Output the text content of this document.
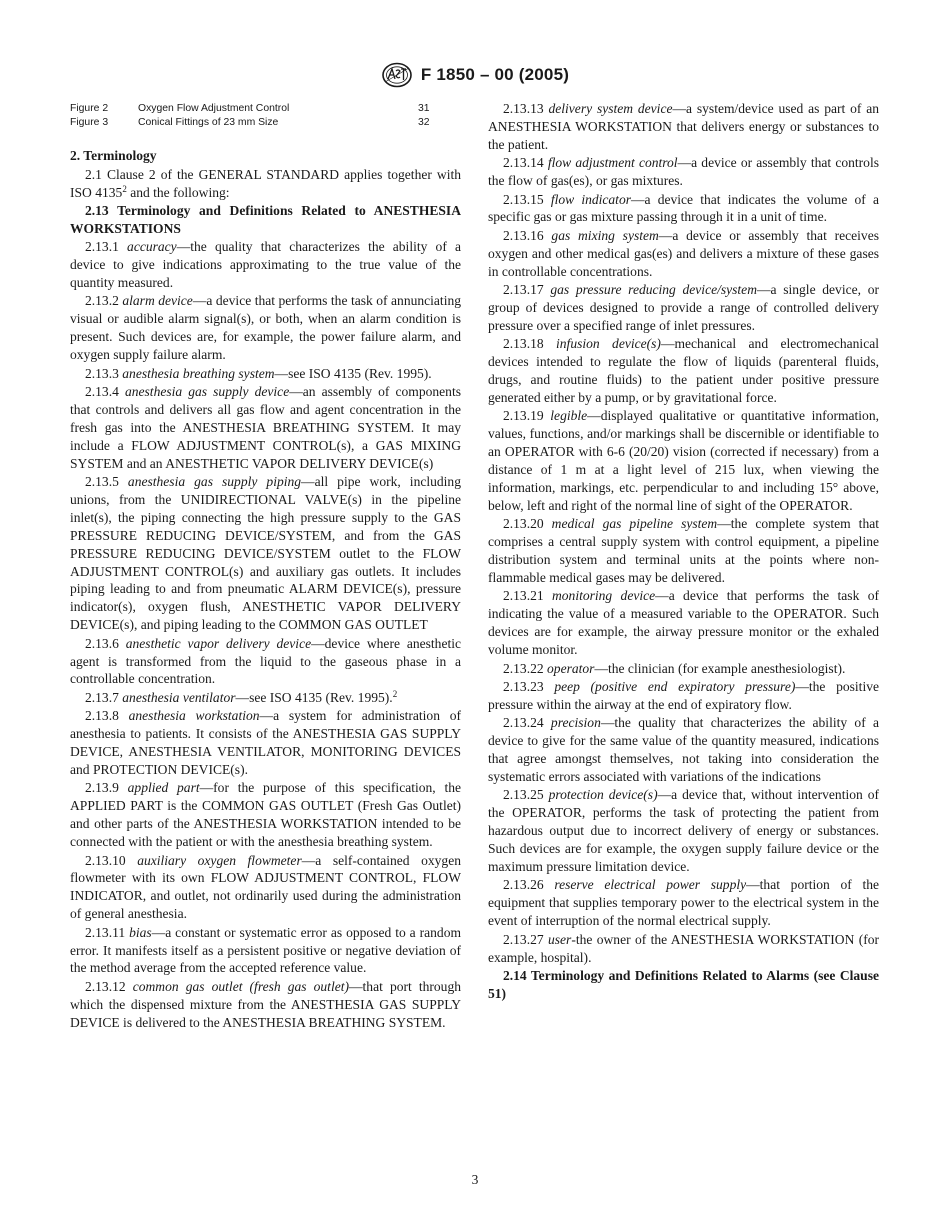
F 1850 – 00 (2005)
Figure 2	Oxygen Flow Adjustment Control	31
Figure 3	Conical Fittings of 23 mm Size	32

2. Terminology

2.1 Clause 2 of the GENERAL STANDARD applies together with ISO 4135$^2$ and the following:

2.13 Terminology and Definitions Related to ANESTHESIA WORKSTATIONS

2.13.1 accuracy—the quality that characterizes the ability of a device to give indications approximating to the true value of the quantity measured.

2.13.2 alarm device—a device that performs the task of annunciating visual or audible alarm signal(s), or both, when an alarm condition is present. Such devices are, for example, the power failure alarm, and oxygen supply failure alarm.

2.13.3 anesthesia breathing system—see ISO 4135 (Rev. 1995).

2.13.4 anesthesia gas supply device—an assembly of components that controls and delivers all gas flow and agent concentration in the fresh gas into the ANESTHESIA BREATHING SYSTEM. It may include a FLOW ADJUSTMENT CONTROL(s), a GAS MIXING SYSTEM and an ANESTHETIC VAPOR DELIVERY DEVICE(s)

2.13.5 anesthesia gas supply piping—all pipe work, including unions, from the UNIDIRECTIONAL VALVE(s) in the pipeline inlet(s), the piping connecting the high pressure supply to the GAS PRESSURE REDUCING DEVICE/SYSTEM, and from the GAS PRESSURE REDUCING DEVICE/SYSTEM outlet to the FLOW ADJUSTMENT CONTROL(s) and auxiliary gas outlets. It includes piping leading to and from pneumatic ALARM DEVICE(s), pressure indicator(s), oxygen flush, ANESTHETIC VAPOR DELIVERY DEVICE(s), and piping leading to the COMMON GAS OUTLET

2.13.6 anesthetic vapor delivery device—device where anesthetic agent is transformed from the liquid to the gaseous phase in a controllable concentration.

2.13.7 anesthesia ventilator—see ISO 4135 (Rev. 1995).$^2$

2.13.8 anesthesia workstation—a system for administration of anesthesia to patients. It consists of the ANESTHESIA GAS SUPPLY DEVICE, ANESTHESIA VENTILATOR, MONITORING DEVICES and PROTECTION DEVICE(s).

2.13.9 applied part—for the purpose of this specification, the APPLIED PART is the COMMON GAS OUTLET (Fresh Gas Outlet) and other parts of the ANESTHESIA WORKSTATION intended to be connected with the patient or with the anesthesia breathing system.

2.13.10 auxiliary oxygen flowmeter—a self-contained oxygen flowmeter with its own FLOW ADJUSTMENT CONTROL, FLOW INDICATOR, and outlet, not ordinarily used during the administration of general anesthesia.

2.13.11 bias—a constant or systematic error as opposed to a random error. It manifests itself as a persistent positive or negative deviation of the method average from the accepted reference value.

2.13.12 common gas outlet (fresh gas outlet)—that port through which the dispensed mixture from the ANESTHESIA GAS SUPPLY DEVICE is delivered to the ANESTHESIA BREATHING SYSTEM.

2.13.13 delivery system device—a system/device used as part of an ANESTHESIA WORKSTATION that delivers energy or substances to the patient.

2.13.14 flow adjustment control—a device or assembly that controls the flow of gas(es), or gas mixtures.

2.13.15 flow indicator—a device that indicates the volume of a specific gas or gas mixture passing through it in a unit of time.

2.13.16 gas mixing system—a device or assembly that receives oxygen and other medical gas(es) and delivers a mixture of these gases in controllable concentrations.

2.13.17 gas pressure reducing device/system—a single device, or group of devices designed to provide a range of controlled delivery pressure over a specified range of inlet pressures.

2.13.18 infusion device(s)—mechanical and electromechanical devices intended to regulate the flow of liquids (parenteral fluids, drugs, and routine fluids) to the patient under positive pressure generated either by a pump, or by gravitational force.

2.13.19 legible—displayed qualitative or quantitative information, values, functions, and/or markings shall be discernible or identifiable to an OPERATOR with 6-6 (20/20) vision (corrected if necessary) from a distance of 1 m at a light level of 215 lux, when viewing the information, markings, etc. perpendicular to and including 15° above, below, left and right of the normal line of sight of the OPERATOR.

2.13.20 medical gas pipeline system—the complete system that comprises a central supply system with control equipment, a pipeline distribution system and terminal units at the points where non-flammable medical gases may be delivered.

2.13.21 monitoring device—a device that performs the task of indicating the value of a measured variable to the OPERATOR. Such devices are for example, the airway pressure monitor or the exhaled volume monitor.

2.13.22 operator—the clinician (for example anesthesiologist).

2.13.23 peep (positive end expiratory pressure)—the positive pressure within the airway at the end of expiratory flow.

2.13.24 precision—the quality that characterizes the ability of a device to give for the same value of the quantity measured, indications that agree amongst themselves, not taking into consideration the systematic errors associated with variations of the indications

2.13.25 protection device(s)—a device that, without intervention of the OPERATOR, performs the task of protecting the patient from hazardous output due to incorrect delivery of energy or substances. Such devices are for example, the oxygen supply failure device or the maximum pressure limitation device.

2.13.26 reserve electrical power supply—that portion of the equipment that supplies temporary power to the electrical system in the event of interruption of the normal electrical supply.

2.13.27 user-the owner of the ANESTHESIA WORKSTATION (for example, hospital).

2.14 Terminology and Definitions Related to Alarms (see Clause 51)

3
